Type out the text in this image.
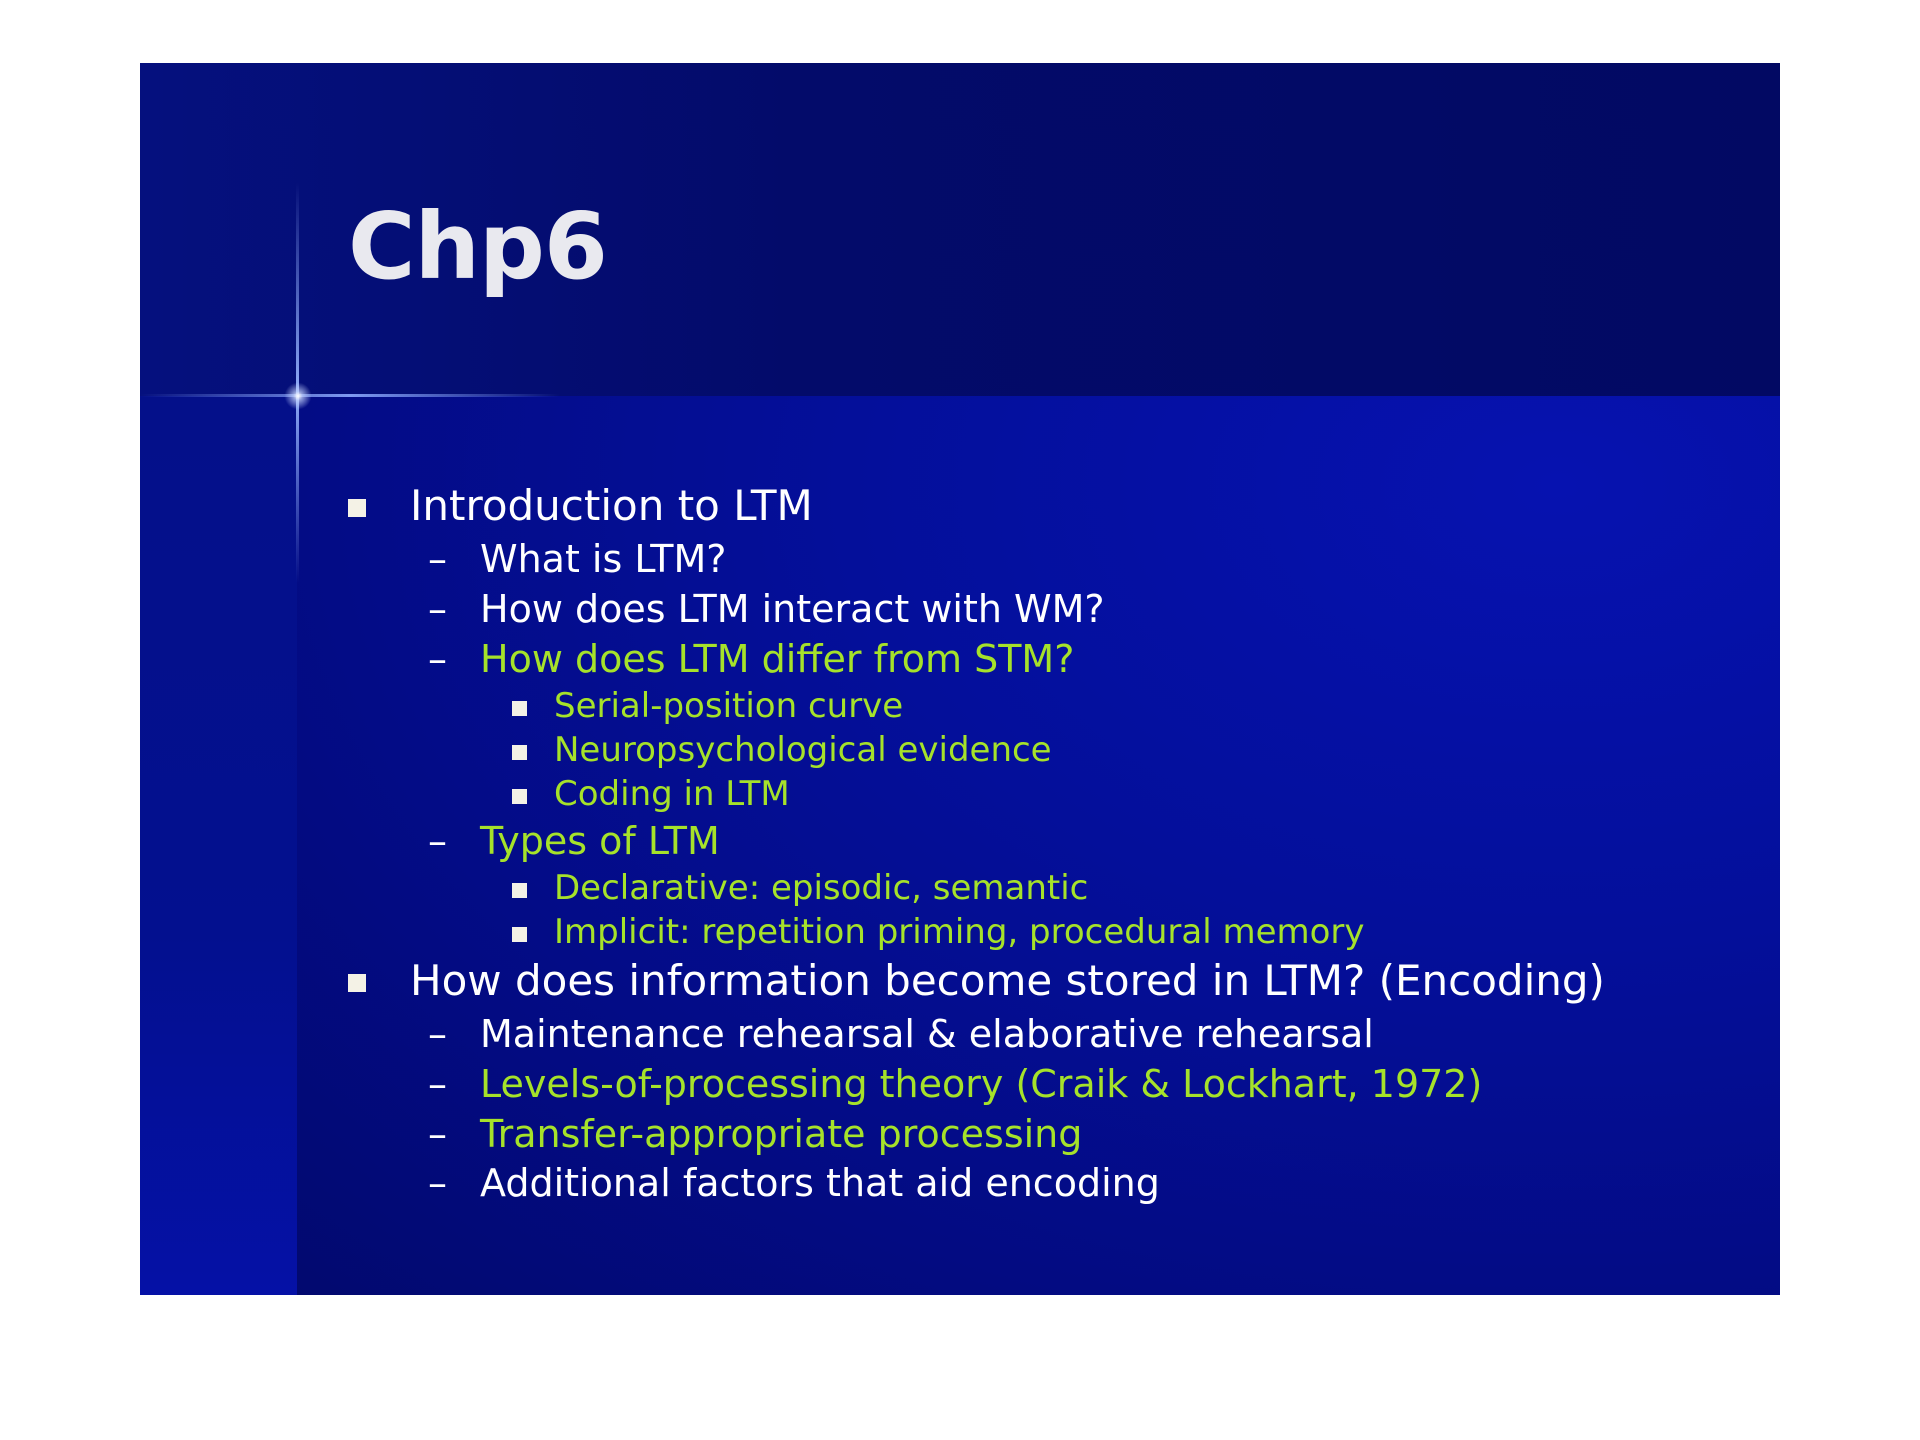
Chp6
Introduction to LTM
– What is LTM?
– How does LTM interact with WM?
– How does LTM differ from STM?
Serial-position curve
Neuropsychological evidence
Coding in LTM
– Types of LTM
Declarative: episodic, semantic
Implicit: repetition priming, procedural memory
How does information become stored in LTM? (Encoding)
– Maintenance rehearsal & elaborative rehearsal
– Levels-of-processing theory (Craik & Lockhart, 1972)
– Transfer-appropriate processing
– Additional factors that aid encoding
